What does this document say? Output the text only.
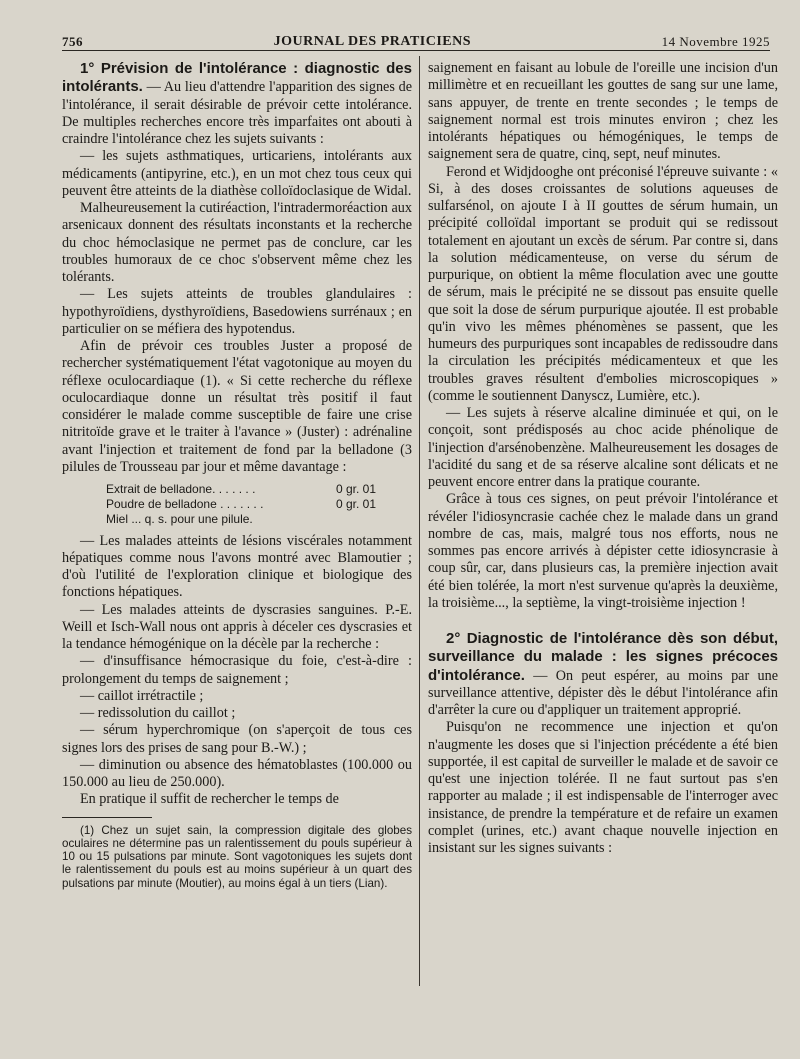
756	JOURNAL DES PRATICIENS	14 Novembre 1925

1° Prévision de l'intolérance : diagnostic des intolérants. — Au lieu d'attendre l'apparition des signes de l'intolérance, il serait désirable de prévoir cette intolérance. De multiples recherches encore très imparfaites ont abouti à craindre l'intolérance chez les sujets suivants :

— les sujets asthmatiques, urticariens, intolérants aux médicaments (antipyrine, etc.), en un mot chez tous ceux qui peuvent être atteints de la diathèse colloïdoclasique de Widal.

Malheureusement la cutiréaction, l'intradermoréaction aux arsenicaux donnent des résultats inconstants et la recherche du choc hémoclasique ne permet pas de conclure, car les troubles humoraux de ce choc s'observent même chez les tolérants.

— Les sujets atteints de troubles glandulaires : hypothyroïdiens, dysthyroïdiens, Basedowiens surrénaux ; en particulier on se méfiera des hypotendus.

Afin de prévoir ces troubles Juster a proposé de rechercher systématiquement l'état vagotonique au moyen du réflexe oculocardiaque (1). « Si cette recherche du réflexe oculocardiaque donne un résultat très positif il faut considérer le malade comme susceptible de faire une crise nitritoïde grave et le traiter à l'avance » (Juster) : adrénaline avant l'injection et traitement de fond par la belladone (3 pilules de Trousseau par jour et même davantage :

Extrait de belladone. . . . . . .	0 gr. 01
Poudre de belladone . . . . . . .	0 gr. 01
Miel ... q. s. pour une pilule.

— Les malades atteints de lésions viscérales notamment hépatiques comme nous l'avons montré avec Blamoutier ; d'où l'utilité de l'exploration clinique et biologique des fonctions hépatiques.

— Les malades atteints de dyscrasies sanguines. P.-E. Weill et Isch-Wall nous ont appris à déceler ces dyscrasies et la tendance hémogénique on la décèle par la recherche :

— d'insuffisance hémocrasique du foie, c'est-à-dire : prolongement du temps de saignement ;

— caillot irrétractile ;

— redissolution du caillot ;

— sérum hyperchromique (on s'aperçoit de tous ces signes lors des prises de sang pour B.-W.) ;

— diminution ou absence des hématoblastes (100.000 ou 150.000 au lieu de 250.000).

En pratique il suffit de rechercher le temps de

(1) Chez un sujet sain, la compression digitale des globes oculaires ne détermine pas un ralentissement du pouls supérieur à 10 ou 15 pulsations par minute. Sont vagotoniques les sujets dont le ralentissement du pouls est au moins supérieur à un quart des pulsations par minute (Moutier), au moins égal à un tiers (Lian).

saignement en faisant au lobule de l'oreille une incision d'un millimètre et en recueillant les gouttes de sang sur une lame, sans appuyer, de trente en trente secondes ; le temps de saignement normal est trois minutes environ ; chez les intolérants hépatiques ou hémogéniques, le temps de saignement sera de quatre, cinq, sept, neuf minutes.

Ferond et Widjdooghe ont préconisé l'épreuve suivante : « Si, à des doses croissantes de solutions aqueuses de sulfarsénol, on ajoute I à II gouttes de sérum humain, un précipité colloïdal important se produit qui se redissout totalement en ajoutant un excès de sérum. Par contre si, dans la solution médicamenteuse, on verse du sérum de purpurique, on obtient la même floculation avec une goutte de sérum, mais le précipité ne se dissout pas ensuite quelle que soit la dose de sérum purpurique ajoutée. Il est probable qu'in vivo les mêmes phénomènes se passent, que les humeurs des purpuriques sont incapables de redissoudre dans la circulation les précipités médicamenteux et que les troubles graves résultent d'embolies microscopiques » (comme le soutiennent Danyscz, Lumière, etc.).

— Les sujets à réserve alcaline diminuée et qui, on le conçoit, sont prédisposés au choc acide phénolique de l'injection d'arsénobenzène. Malheureusement les dosages de l'acidité du sang et de sa réserve alcaline sont délicats et ne peuvent encore entrer dans la pratique courante.

Grâce à tous ces signes, on peut prévoir l'intolérance et révéler l'idiosyncrasie cachée chez le malade dans un grand nombre de cas, mais, malgré tous nos efforts, nous ne sommes pas encore arrivés à dépister cette idiosyncrasie à coup sûr, car, dans plusieurs cas, la première injection avait été bien tolérée, la mort n'est survenue qu'après la deuxième, la troisième..., la septième, la vingt-troisième injection !

2° Diagnostic de l'intolérance dès son début, surveillance du malade : les signes précoces d'intolérance. — On peut espérer, au moins par une surveillance attentive, dépister dès le début l'intolérance afin d'arrêter la cure ou d'appliquer un traitement approprié.

Puisqu'on ne recommence une injection et qu'on n'augmente les doses que si l'injection précédente a été bien supportée, il est capital de surveiller le malade et de savoir ce qu'est une injection tolérée. Il ne faut surtout pas s'en rapporter au malade ; il est indispensable de l'interroger avec insistance, de prendre la température et de refaire un examen complet (urines, etc.) avant chaque nouvelle injection en insistant sur les signes suivants :
